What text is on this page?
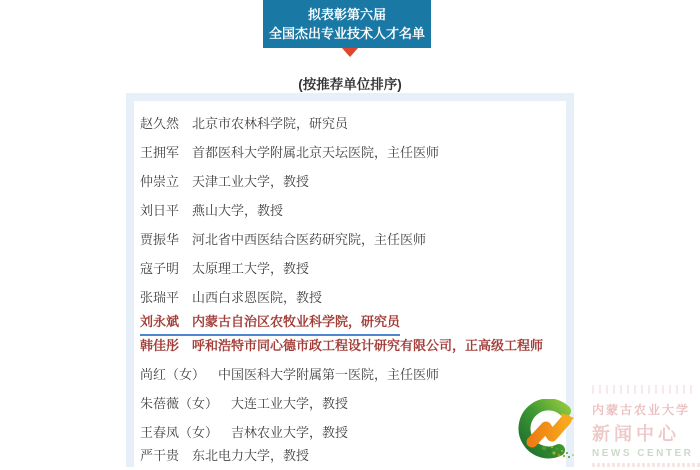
拟表彰第六届
全国杰出专业技术人才名单
(按推荐单位排序)
赵久然 北京市农林科学院，研究员
王拥军 首都医科大学附属北京天坛医院，主任医师
仲崇立 天津工业大学，教授
刘日平 燕山大学，教授
贾振华 河北省中西医结合医药研究院，主任医师
寇子明 太原理工大学，教授
张瑞平 山西白求恩医院，教授
刘永斌 内蒙古自治区农牧业科学院，研究员
韩佳彤 呼和浩特市同心德市政工程设计研究有限公司，正高级工程师
尚红（女） 中国医科大学附属第一医院，主任医师
朱蓓薇（女） 大连工业大学，教授
王春凤（女） 吉林农业大学，教授
严干贵 东北电力大学，教授
内蒙古农业大学
新闻中心
NEWS CENTER
